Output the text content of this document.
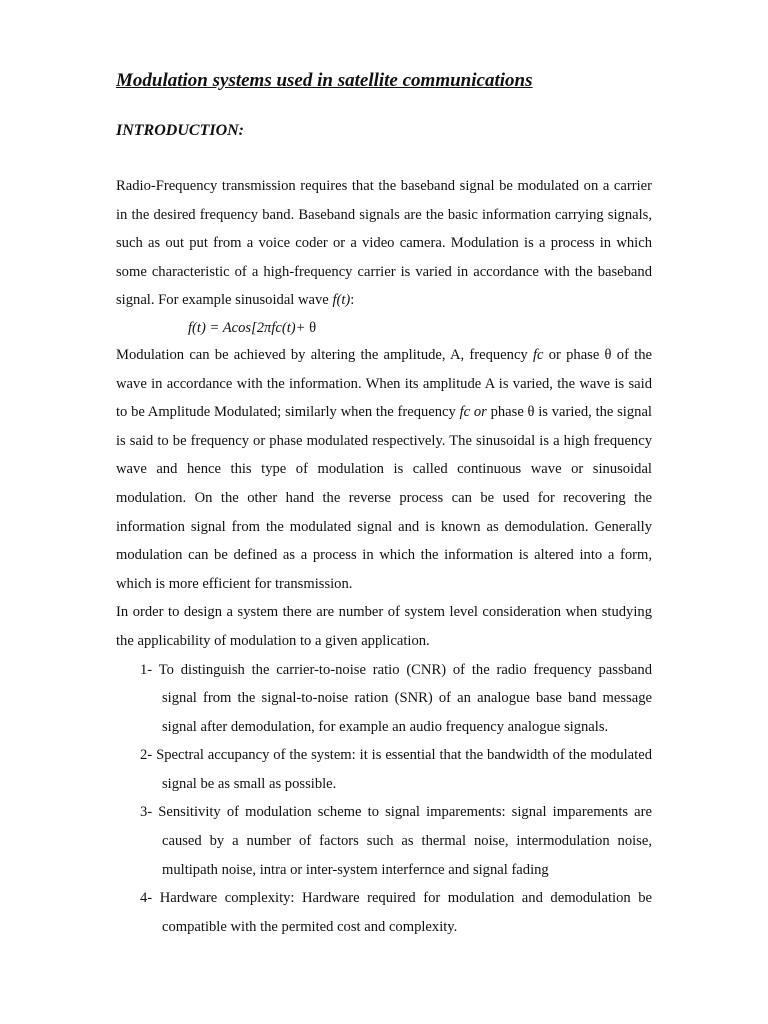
Modulation systems used in satellite communications
INTRODUCTION:

Radio-Frequency transmission requires that the baseband signal be modulated on a carrier in the desired frequency band. Baseband signals are the basic information carrying signals, such as out put from a voice coder or a video camera. Modulation is a process in which some characteristic of a high-frequency carrier is varied in accordance with the baseband signal. For example sinusoidal wave f(t):

f(t) = Acos[2πfc(t)+ θ

Modulation can be achieved by altering the amplitude, A, frequency fc or phase θ of the wave in accordance with the information. When its amplitude A is varied, the wave is said to be Amplitude Modulated; similarly when the frequency fc or phase θ is varied, the signal is said to be frequency or phase modulated respectively. The sinusoidal is a high frequency wave and hence this type of modulation is called continuous wave or sinusoidal modulation. On the other hand the reverse process can be used for recovering the information signal from the modulated signal and is known as demodulation. Generally modulation can be defined as a process in which the information is altered into a form, which is more efficient for transmission.

In order to design a system there are number of system level consideration when studying the applicability of modulation to a given application.

1- To distinguish the carrier-to-noise ratio (CNR) of the radio frequency passband signal from the signal-to-noise ration (SNR) of an analogue base band message signal after demodulation, for example an audio frequency analogue signals.
2- Spectral accupancy of the system: it is essential that the bandwidth of the modulated signal be as small as possible.
3- Sensitivity of modulation scheme to signal imparements: signal imparements are caused by a number of factors such as thermal noise, intermodulation noise, multipath noise, intra or inter-system interfernce and signal fading
4- Hardware complexity: Hardware required for modulation and demodulation be compatible with the permited cost and complexity.
